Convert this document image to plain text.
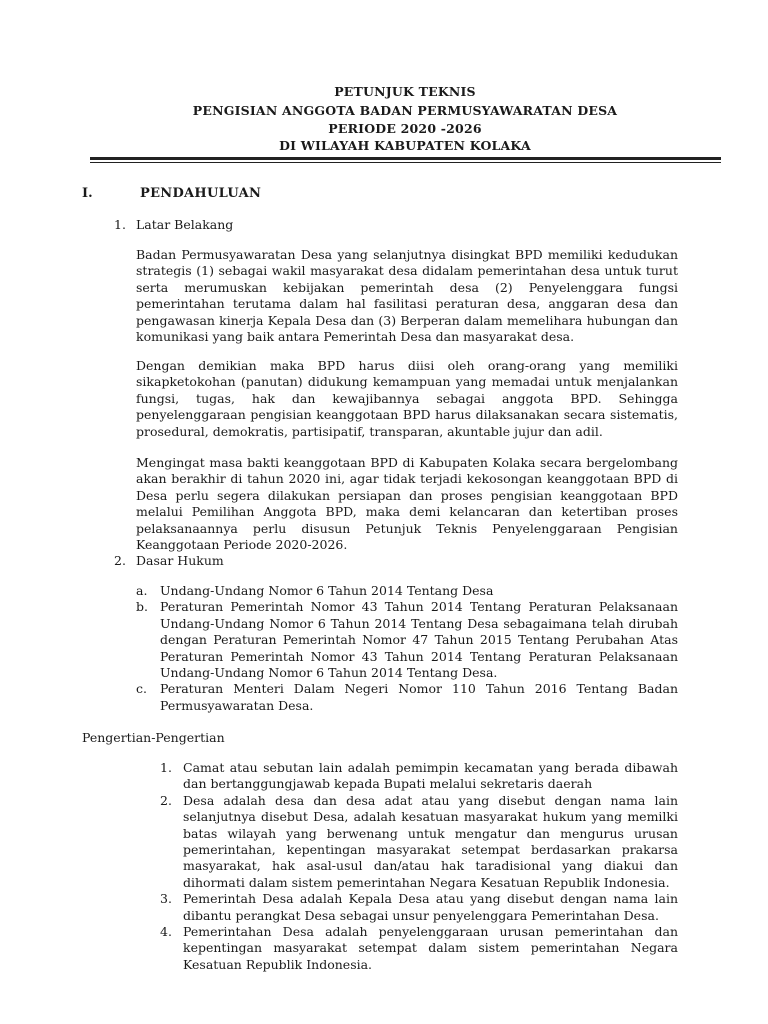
PETUNJUK TEKNIS
PENGISIAN ANGGOTA BADAN PERMUSYAWARATAN DESA
PERIODE 2020 -2026
DI WILAYAH KABUPATEN KOLAKA
I.	PENDAHULUAN
1. Latar Belakang

Badan Permusyawaratan Desa yang selanjutnya disingkat BPD memiliki kedudukan strategis (1) sebagai wakil masyarakat desa didalam pemerintahan desa untuk turut serta merumuskan kebijakan pemerintah desa (2) Penyelenggara fungsi pemerintahan terutama dalam hal fasilitasi peraturan desa, anggaran desa dan pengawasan kinerja Kepala Desa dan (3) Berperan dalam memelihara hubungan dan komunikasi yang baik antara Pemerintah Desa dan masyarakat desa.

Dengan demikian maka BPD harus diisi oleh orang-orang yang memiliki sikapketokohan (panutan) didukung kemampuan yang memadai untuk menjalankan fungsi, tugas, hak dan kewajibannya sebagai anggota BPD. Sehingga penyelenggaraan pengisian keanggotaan BPD harus dilaksanakan secara sistematis, prosedural, demokratis, partisipatif, transparan, akuntable jujur dan adil.

Mengingat masa bakti keanggotaan BPD di Kabupaten Kolaka secara bergelombang akan berakhir di tahun 2020 ini, agar tidak terjadi kekosongan keanggotaan BPD di Desa perlu segera dilakukan persiapan dan proses pengisian keanggotaan BPD melalui Pemilihan Anggota BPD, maka demi kelancaran dan ketertiban proses pelaksanaannya perlu disusun Petunjuk Teknis Penyelenggaraan Pengisian Keanggotaan Periode 2020-2026.

2. Dasar Hukum
a. Undang-Undang Nomor 6 Tahun 2014 Tentang Desa
b. Peraturan Pemerintah Nomor 43 Tahun 2014 Tentang Peraturan Pelaksanaan Undang-Undang Nomor 6 Tahun 2014 Tentang Desa sebagaimana telah dirubah dengan Peraturan Pemerintah Nomor 47 Tahun 2015 Tentang Perubahan Atas Peraturan Pemerintah Nomor 43 Tahun 2014 Tentang Peraturan Pelaksanaan Undang-Undang Nomor 6 Tahun 2014 Tentang Desa.
c. Peraturan Menteri Dalam Negeri Nomor 110 Tahun 2016 Tentang Badan Permusyawaratan Desa.
Pengertian-Pengertian
1. Camat atau sebutan lain adalah pemimpin kecamatan yang berada dibawah dan bertanggungjawab kepada Bupati melalui sekretaris daerah
2. Desa adalah desa dan desa adat atau yang disebut dengan nama lain selanjutnya disebut Desa, adalah kesatuan masyarakat hukum yang memilki batas wilayah yang berwenang untuk mengatur dan mengurus urusan pemerintahan, kepentingan masyarakat setempat berdasarkan prakarsa masyarakat, hak asal-usul dan/atau hak taradisional yang diakui dan dihormati dalam sistem pemerintahan Negara Kesatuan Republik Indonesia.
3. Pemerintah Desa adalah Kepala Desa atau yang disebut dengan nama lain dibantu perangkat Desa sebagai unsur penyelenggara Pemerintahan Desa.
4. Pemerintahan Desa adalah penyelenggaraan urusan pemerintahan dan kepentingan masyarakat setempat dalam sistem pemerintahan Negara Kesatuan Republik Indonesia.
